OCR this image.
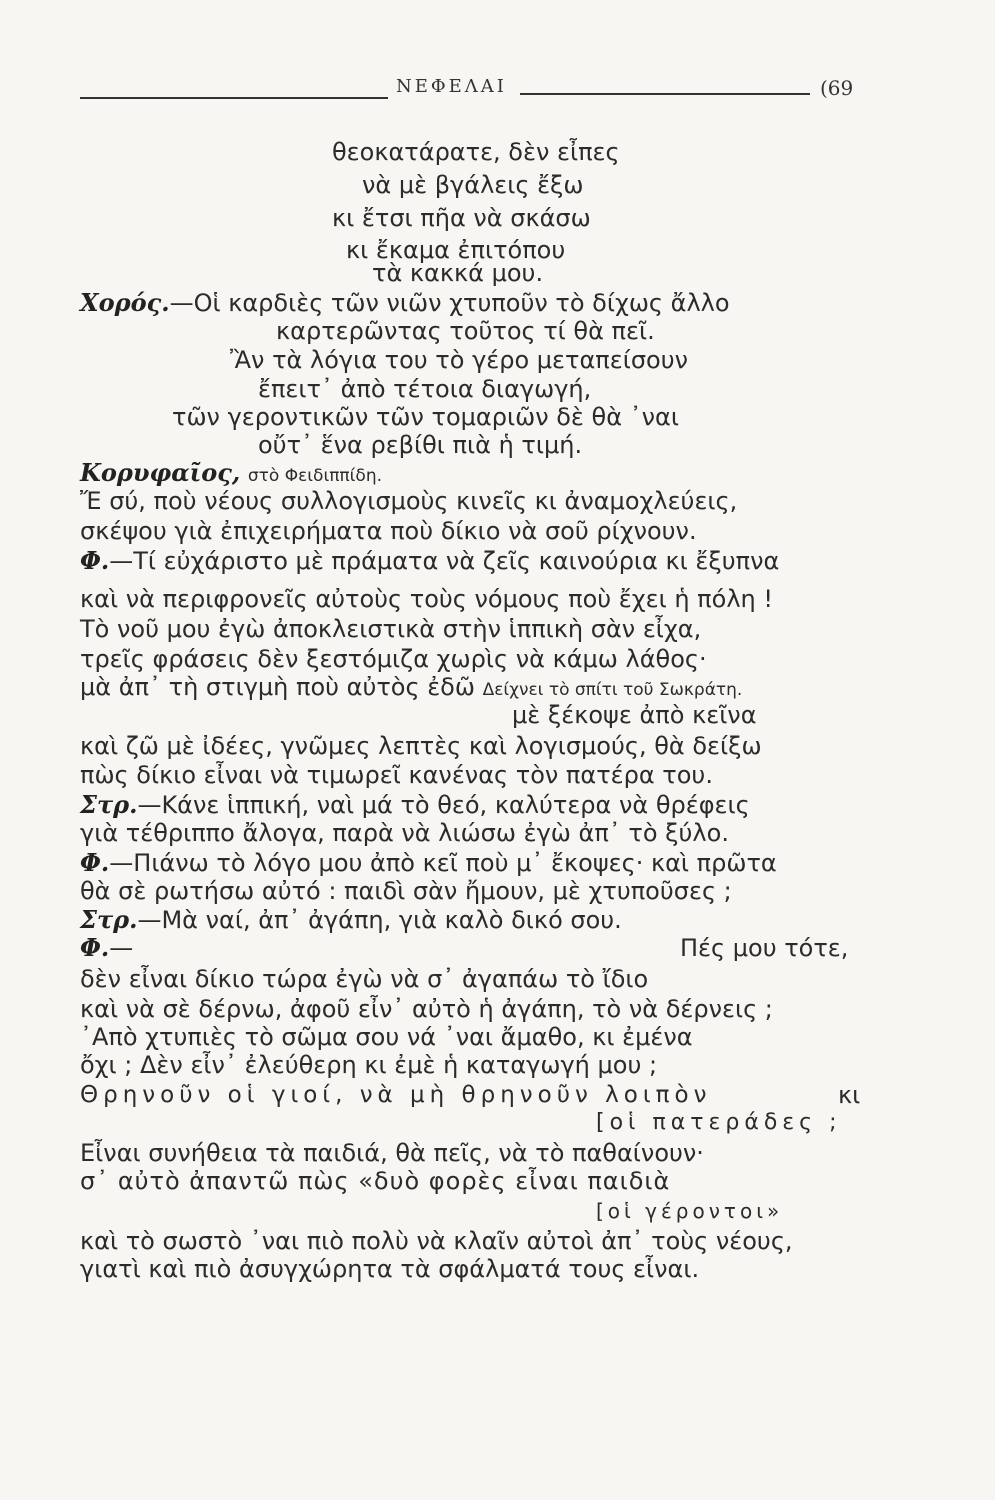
ΝΕΦΕΛΑΙ	(69
θεοκατάρατε, δὲν εἶπες
νὰ μὲ βγάλεις ἔξω
κι ἔτσι πῆα νὰ σκάσω
κι ἔκαμα ἐπιτόπου
τὰ κακκά μου.
Χορός.—Οἱ καρδιὲς τῶν νιῶν χτυποῦν τὸ δίχως ἄλλο
καρτερῶντας τοῦτος τί θὰ πεῖ.
Ἂν τὰ λόγια του τὸ γέρο μεταπείσουν
ἔπειτ᾽ ἀπὸ τέτοια διαγωγή,
τῶν γεροντικῶν τῶν τομαριῶν δὲ θὰ ᾽ναι
οὔτ᾽ ἕνα ρεβίθι πιὰ ἡ τιμή.
Κορυφαῖος, στὸ Φειδιππίδη.
Ἔ σύ, ποὺ νέους συλλογισμοὺς κινεῖς κι ἀναμοχλεύεις,
σκέψου γιὰ ἐπιχειρήματα ποὺ δίκιο νὰ σοῦ ρίχνουν.
Φ.—Τί εὐχάριστο μὲ πράματα νὰ ζεῖς καινούρια κι ἔξυπνα
καὶ νὰ περιφρονεῖς αὐτοὺς τοὺς νόμους ποὺ ἔχει ἡ πόλη !
Τὸ νοῦ μου ἐγὼ ἀποκλειστικὰ στὴν ἱππικὴ σὰν εἶχα,
τρεῖς φράσεις δὲν ξεστόμιζα χωρὶς νὰ κάμω λάθος·
μὰ ἀπ᾽ τὴ στιγμὴ ποὺ αὐτὸς ἐδῶ Δείχνει τὸ σπίτι τοῦ Σωκράτη.
μὲ ξέκοψε ἀπὸ κεῖνα
καὶ ζῶ μὲ ἰδέες, γνῶμες λεπτὲς καὶ λογισμούς, θὰ δείξω
πὼς δίκιο εἶναι νὰ τιμωρεῖ κανένας τὸν πατέρα του.
Στρ.—Κάνε ἱππική, ναὶ μά τὸ θεό, καλύτερα νὰ θρέφεις
γιὰ τέθριππο ἄλογα, παρὰ νὰ λιώσω ἐγὼ ἀπ᾽ τὸ ξύλο.
Φ.—Πιάνω τὸ λόγο μου ἀπὸ κεῖ ποὺ μ᾽ ἔκοψες· καὶ πρῶτα
θὰ σὲ ρωτήσω αὐτό : παιδὶ σὰν ἤμουν, μὲ χτυποῦσες ;
Στρ.—Μὰ ναί, ἀπ᾽ ἀγάπη, γιὰ καλὸ δικό σου.
Φ.—	Πές μου τότε,
δὲν εἶναι δίκιο τώρα ἐγὼ νὰ σ᾽ ἀγαπάω τὸ ἴδιο
καὶ νὰ σὲ δέρνω, ἀφοῦ εἶν᾽ αὐτὸ ἡ ἀγάπη, τὸ νὰ δέρνεις ;
᾽Απὸ χτυπιὲς τὸ σῶμα σου νά ᾽ναι ἄμαθο, κι ἐμένα
ὄχι ; Δὲν εἶν᾽ ἐλεύθερη κι ἐμὲ ἡ καταγωγή μου ;
Θρηνοῦν οἱ γιοί, νὰ μὴ θρηνοῦν λοιπὸν	κι
[οἱ πατεράδες ;
Εἶναι συνήθεια τὰ παιδιά, θὰ πεῖς, νὰ τὸ παθαίνουν·
σ᾽ αὐτὸ ἀπαντῶ πὼς «δυὸ φορὲς εἶναι παιδιὰ
[οἱ γέροντοι»
καὶ τὸ σωστὸ ᾽ναι πιὸ πολὺ νὰ κλαῖν αὐτοὶ ἀπ᾽ τοὺς νέους,
γιατὶ καὶ πιὸ ἀσυγχώρητα τὰ σφάλματά τους εἶναι.
